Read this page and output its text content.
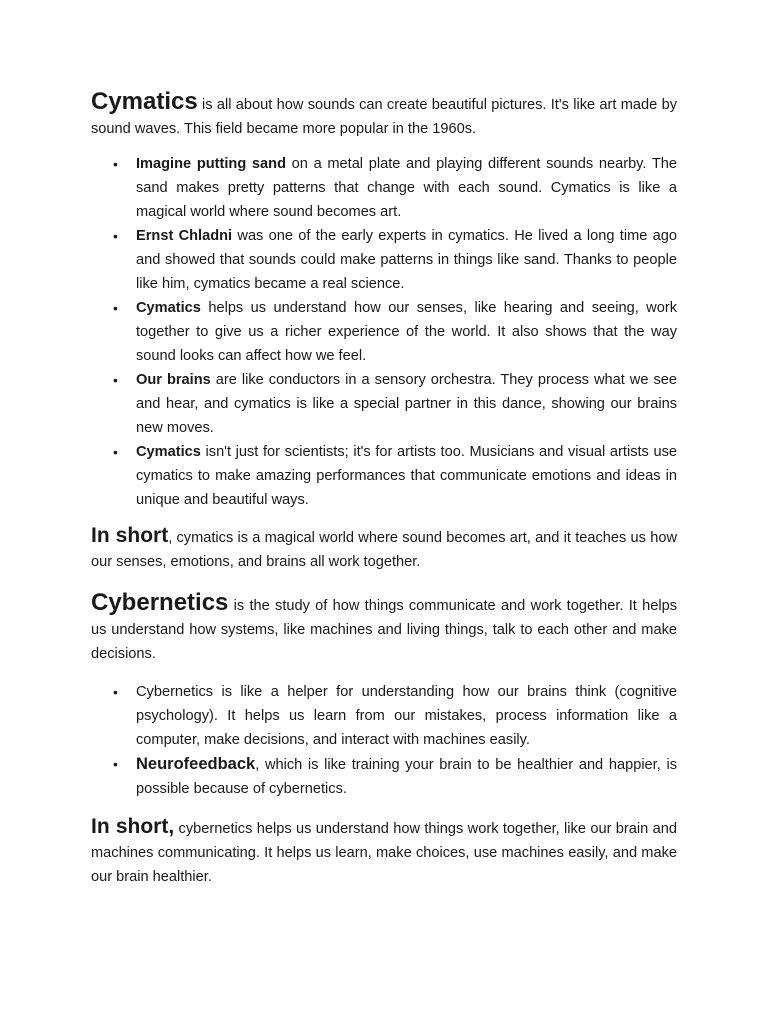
Cymatics is all about how sounds can create beautiful pictures. It's like art made by sound waves. This field became more popular in the 1960s.

• Imagine putting sand on a metal plate and playing different sounds nearby. The sand makes pretty patterns that change with each sound. Cymatics is like a magical world where sound becomes art.
• Ernst Chladni was one of the early experts in cymatics. He lived a long time ago and showed that sounds could make patterns in things like sand. Thanks to people like him, cymatics became a real science.
• Cymatics helps us understand how our senses, like hearing and seeing, work together to give us a richer experience of the world. It also shows that the way sound looks can affect how we feel.
• Our brains are like conductors in a sensory orchestra. They process what we see and hear, and cymatics is like a special partner in this dance, showing our brains new moves.
• Cymatics isn't just for scientists; it's for artists too. Musicians and visual artists use cymatics to make amazing performances that communicate emotions and ideas in unique and beautiful ways.

In short, cymatics is a magical world where sound becomes art, and it teaches us how our senses, emotions, and brains all work together.

Cybernetics is the study of how things communicate and work together. It helps us understand how systems, like machines and living things, talk to each other and make decisions.

• Cybernetics is like a helper for understanding how our brains think (cognitive psychology). It helps us learn from our mistakes, process information like a computer, make decisions, and interact with machines easily.
• Neurofeedback, which is like training your brain to be healthier and happier, is possible because of cybernetics.

In short, cybernetics helps us understand how things work together, like our brain and machines communicating. It helps us learn, make choices, use machines easily, and make our brain healthier.
